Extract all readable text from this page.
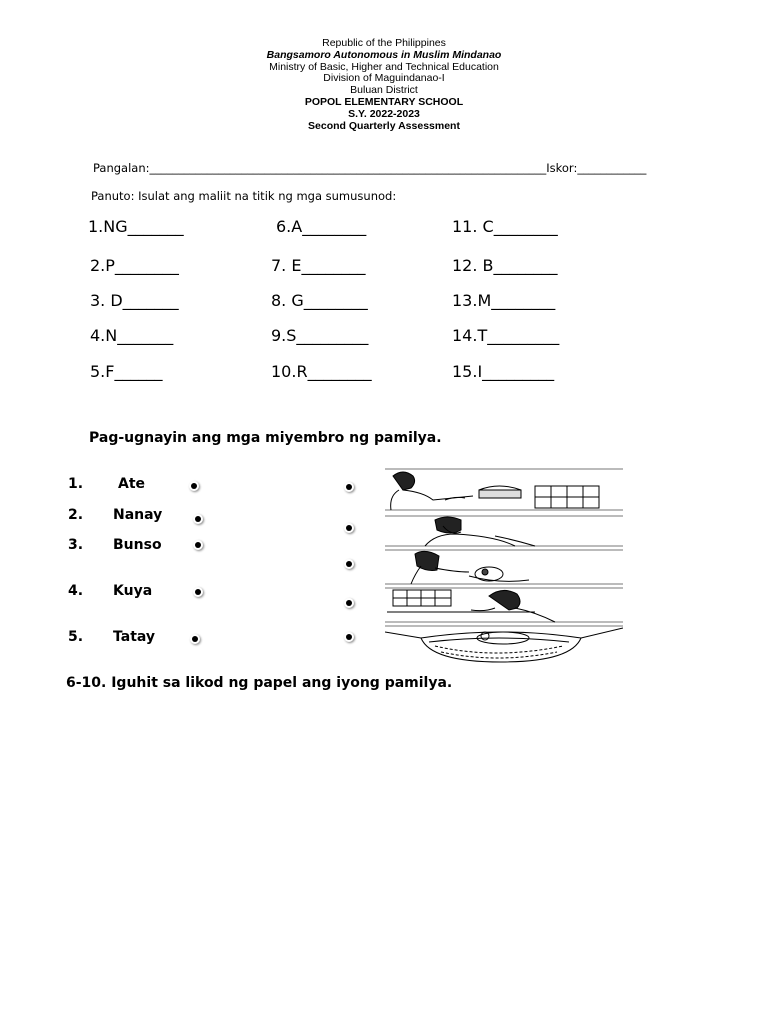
Republic of the Philippines
Bangsamoro Autonomous in Muslim Mindanao
Ministry of Basic, Higher and Technical Education
Division of Maguindanao-I
Buluan District
POPOL ELEMENTARY SCHOOL
S.Y. 2022-2023
Second Quarterly Assessment
Pangalan:_____________________________________________________________________Iskor:____________
Panuto: Isulat ang maliit na titik ng mga sumusunod:
1.NG_______
2.P________
3. D_______
4.N_______
5.F______
6.A________
7. E________
8. G________
9.S_________
10.R________
11. C________
12. B________
13.M________
14.T_________
15.I_________
Pag-ugnayin ang mga miyembro ng pamilya.
1. Ate
2. Nanay
3. Bunso
4. Kuya
5. Tatay
6-10. Iguhit sa likod ng papel ang iyong pamilya.
